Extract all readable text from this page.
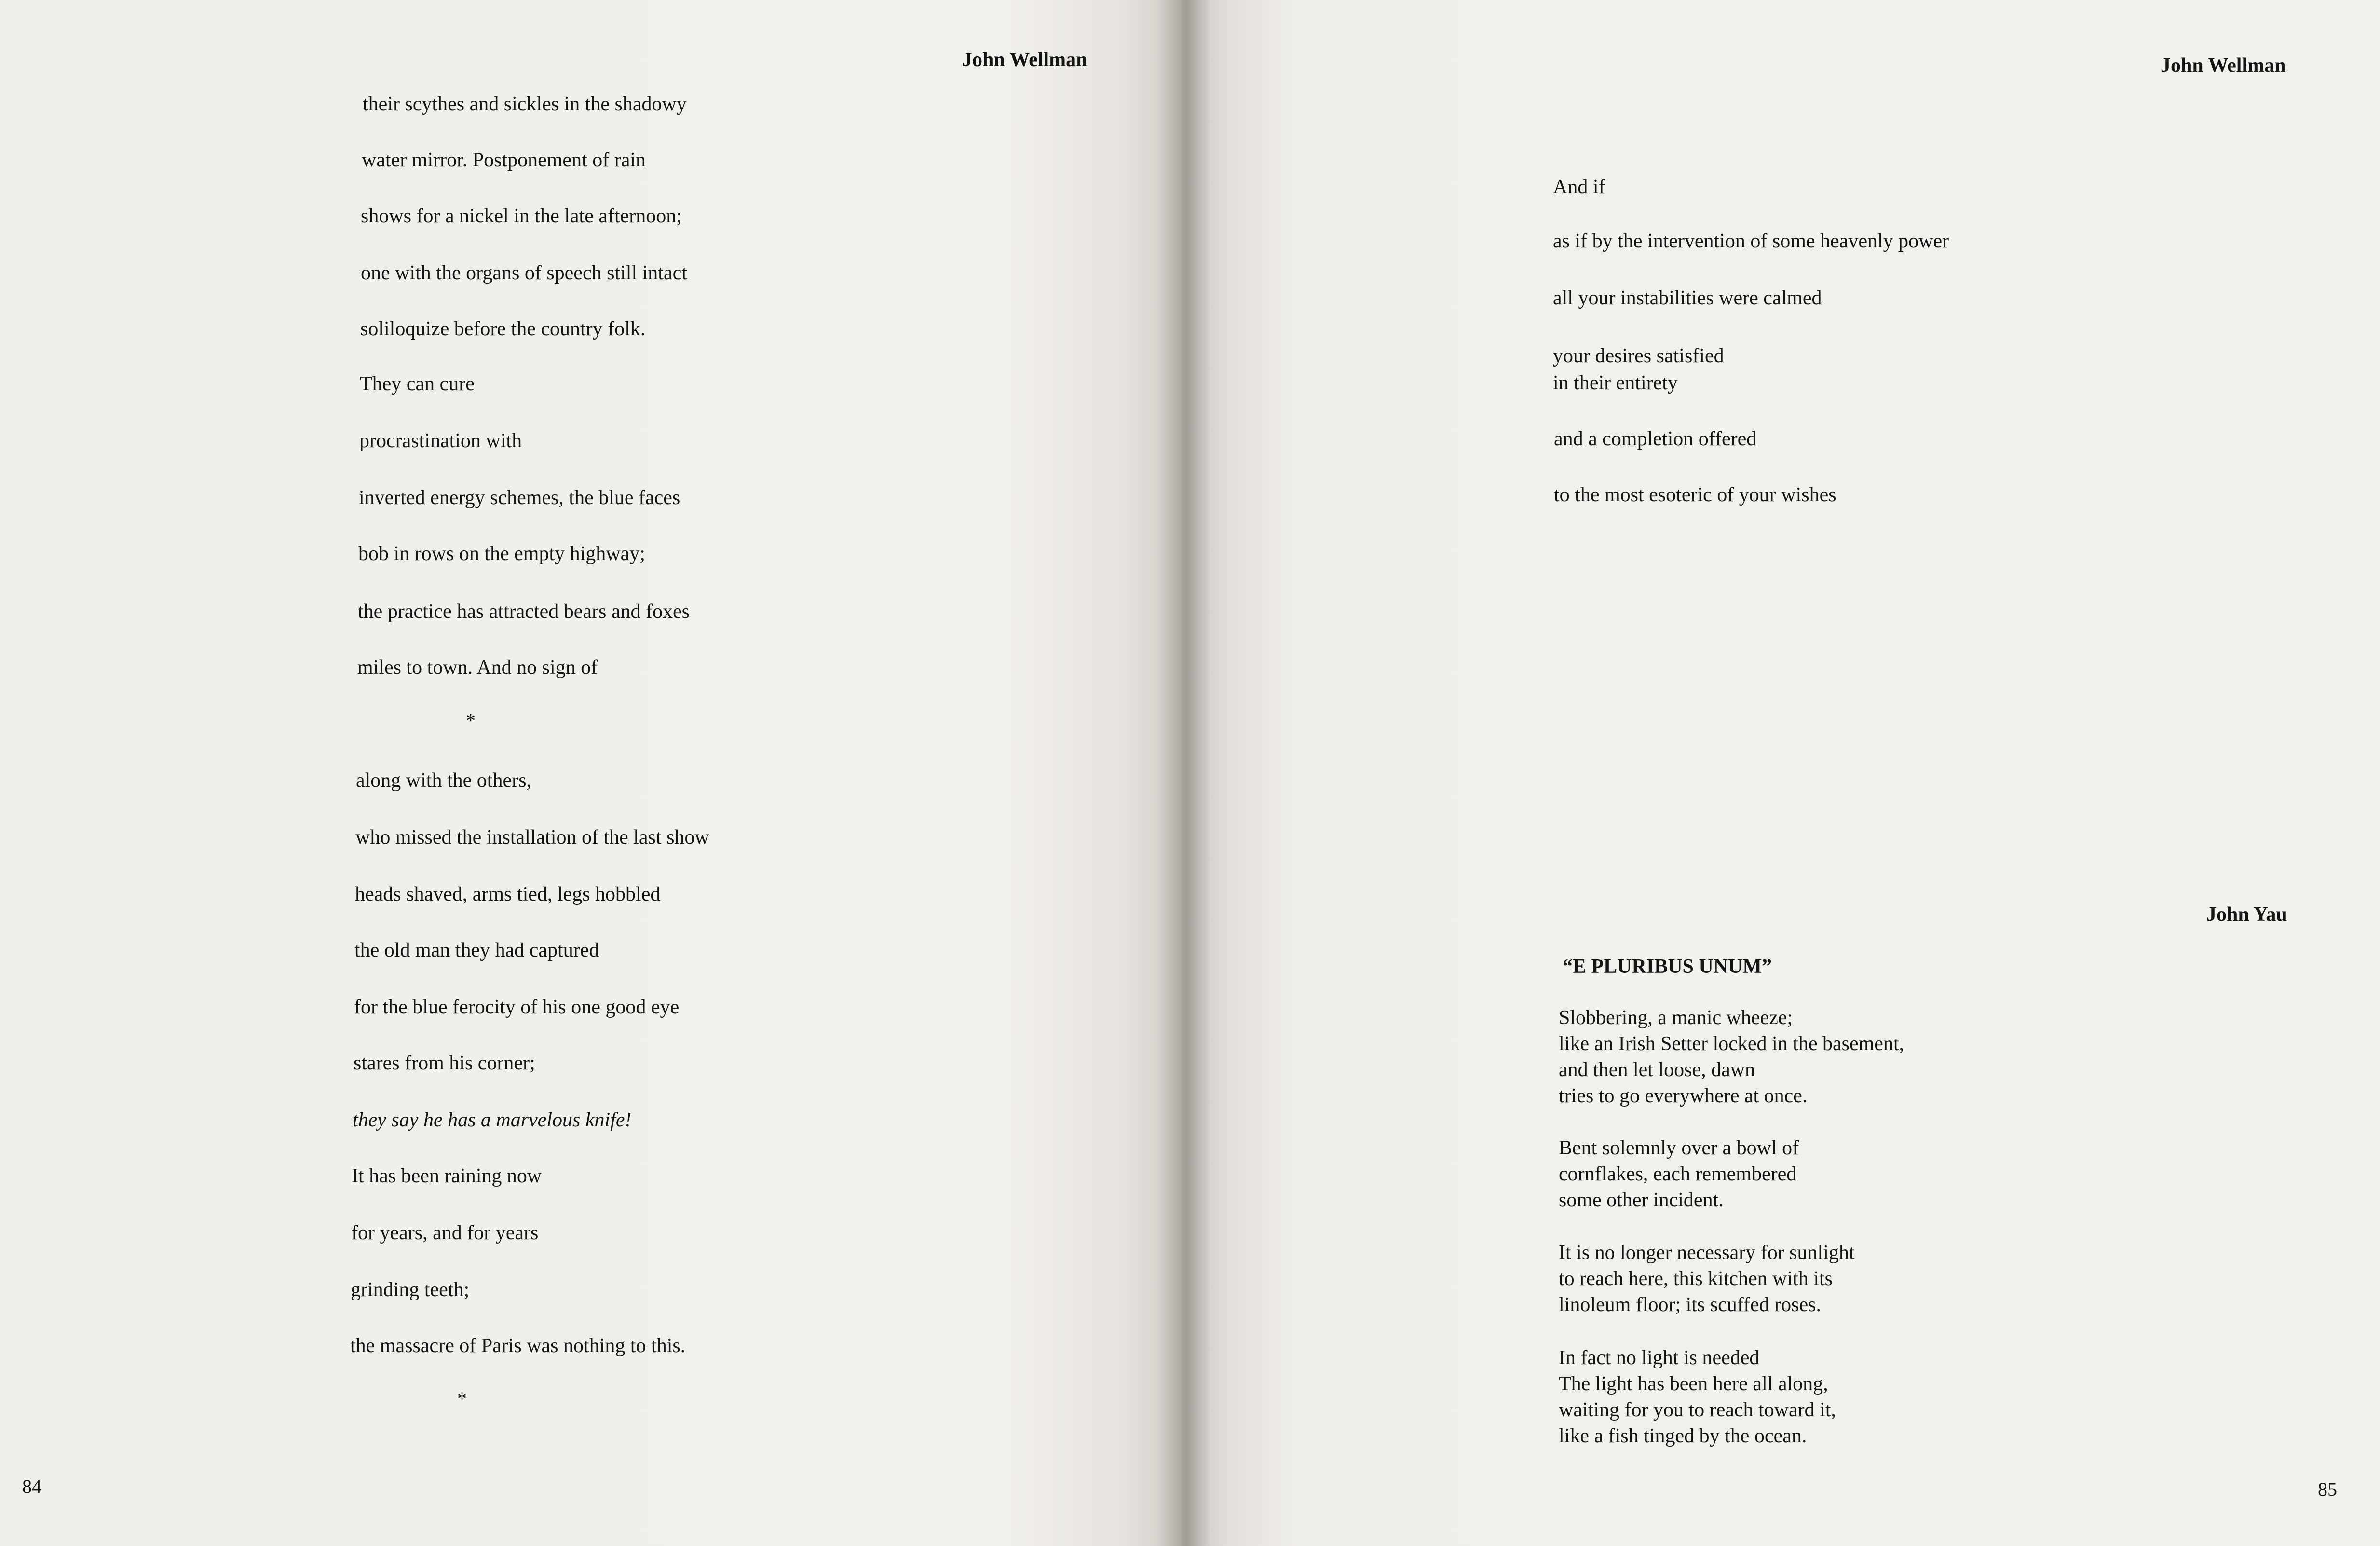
John Wellman
their scythes and sickles in the shadowy
water mirror. Postponement of rain
shows for a nickel in the late afternoon;
one with the organs of speech still intact
soliloquize before the country folk.
They can cure
procrastination with
inverted energy schemes, the blue faces
bob in rows on the empty highway;
the practice has attracted bears and foxes
miles to town. And no sign of
*
along with the others,
who missed the installation of the last show
heads shaved, arms tied, legs hobbled
the old man they had captured
for the blue ferocity of his one good eye
stares from his corner;
they say he has a marvelous knife!
It has been raining now
for years, and for years
grinding teeth;
the massacre of Paris was nothing to this.
*
84
John Wellman
And if
as if by the intervention of some heavenly power
all your instabilities were calmed
your desires satisfied
in their entirety
and a completion offered
to the most esoteric of your wishes
John Yau
“E PLURIBUS UNUM”
Slobbering, a manic wheeze;
like an Irish Setter locked in the basement,
and then let loose, dawn
tries to go everywhere at once.
Bent solemnly over a bowl of
cornflakes, each remembered
some other incident.
It is no longer necessary for sunlight
to reach here, this kitchen with its
linoleum floor; its scuffed roses.
In fact no light is needed
The light has been here all along,
waiting for you to reach toward it,
like a fish tinged by the ocean.
85
